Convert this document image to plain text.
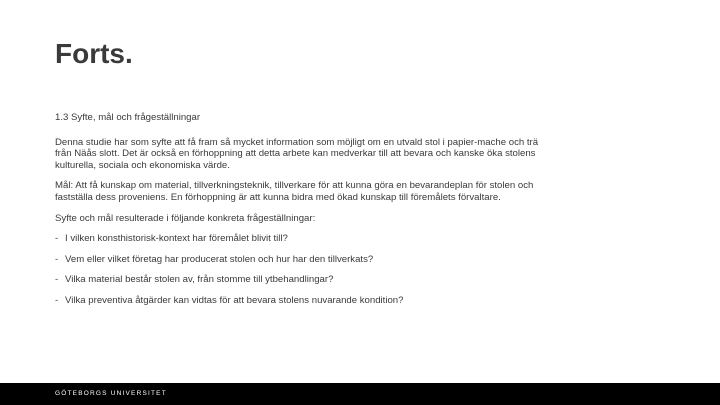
Forts.

1.3 Syfte, mål och frågeställningar

Denna studie har som syfte att få fram så mycket information som möjligt om en utvald stol i papier-mache och trä från Näås slott. Det är också en förhoppning att detta arbete kan medverkar till att bevara och kanske öka stolens kulturella, sociala och ekonomiska värde.

Mål: Att få kunskap om material, tillverkningsteknik, tillverkare för att kunna göra en bevarandeplan för stolen och fastställa dess proveniens. En förhoppning är att kunna bidra med ökad kunskap till föremålets förvaltare.

Syfte och mål resulterade i följande konkreta frågeställningar:

- I vilken konsthistorisk-kontext har föremålet blivit till?
- Vem eller vilket företag har producerat stolen och hur har den tillverkats?
- Vilka material består stolen av, från stomme till ytbehandlingar?
- Vilka preventiva åtgärder kan vidtas för att bevara stolens nuvarande kondition?
GÖTEBORGS UNIVERSITET
